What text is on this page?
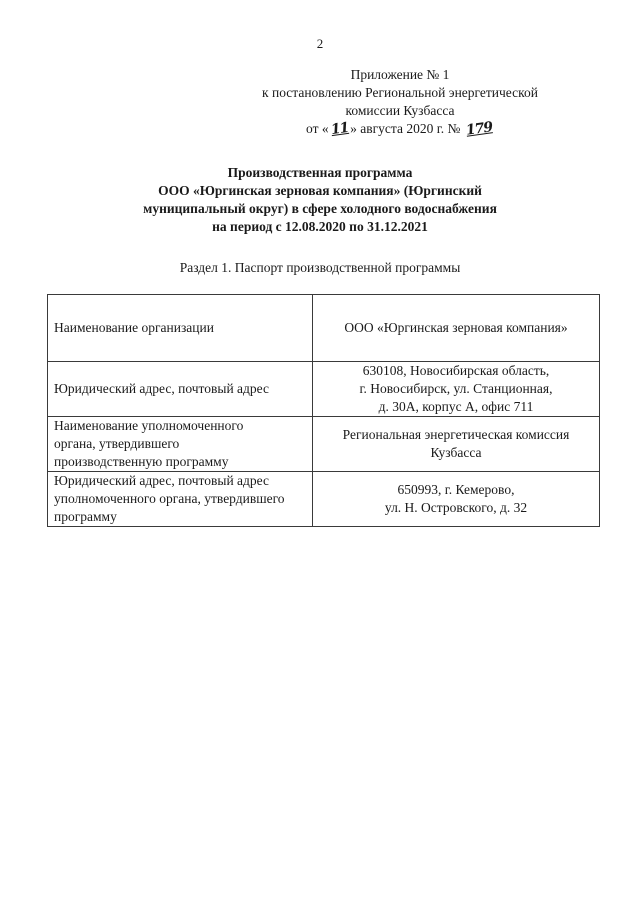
2
Приложение № 1
к постановлению Региональной энергетической
комиссии Кузбасса
от «11» августа 2020 г. № 179
Производственная программа
ООО «Юргинская зерновая компания» (Юргинский
муниципальный округ) в сфере холодного водоснабжения
на период с 12.08.2020 по 31.12.2021
Раздел 1. Паспорт производственной программы
Наименование организации	ООО «Юргинская зерновая компания»

Юридический адрес, почтовый адрес	630108, Новосибирская область,
г. Новосибирск, ул. Станционная,
д. 30А, корпус А, офис 711

Наименование уполномоченного
органа, утвердившего
производственную программу	Региональная энергетическая комиссия
Кузбасса

Юридический адрес, почтовый адрес
уполномоченного органа, утвердившего
программу	650993, г. Кемерово,
ул. Н. Островского, д. 32
